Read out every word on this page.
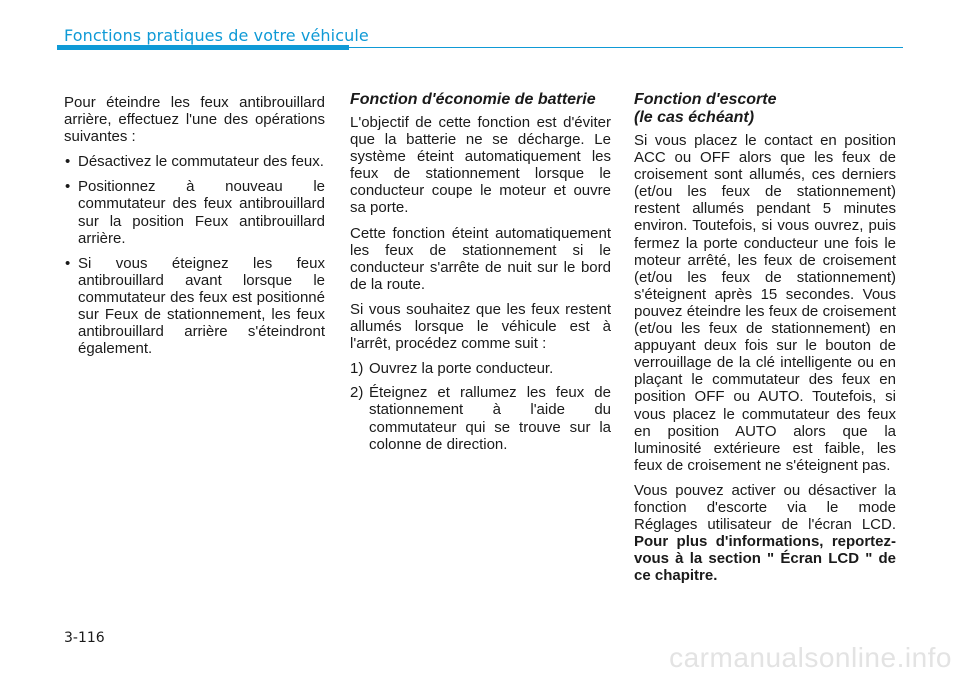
Fonctions pratiques de votre véhicule

Pour éteindre les feux antibrouillard arrière, effectuez l'une des opérations suivantes :

• Désactivez le commutateur des feux.
• Positionnez à nouveau le commutateur des feux antibrouillard sur la position Feux antibrouillard arrière.
• Si vous éteignez les feux antibrouillard avant lorsque le commutateur des feux est positionné sur Feux de stationnement, les feux antibrouillard arrière s'éteindront également.
Fonction d'économie de batterie

L'objectif de cette fonction est d'éviter que la batterie ne se décharge. Le système éteint automatiquement les feux de stationnement lorsque le conducteur coupe le moteur et ouvre sa porte.

Cette fonction éteint automatiquement les feux de stationnement si le conducteur s'arrête de nuit sur le bord de la route.

Si vous souhaitez que les feux restent allumés lorsque le véhicule est à l'arrêt, procédez comme suit :

1) Ouvrez la porte conducteur.
2) Éteignez et rallumez les feux de stationnement à l'aide du commutateur qui se trouve sur la colonne de direction.
Fonction d'escorte
(le cas échéant)

Si vous placez le contact en position ACC ou OFF alors que les feux de croisement sont allumés, ces derniers (et/ou les feux de stationnement) restent allumés pendant 5 minutes environ. Toutefois, si vous ouvrez, puis fermez la porte conducteur une fois le moteur arrêté, les feux de croisement (et/ou les feux de stationnement) s'éteignent après 15 secondes. Vous pouvez éteindre les feux de croisement (et/ou les feux de stationnement) en appuyant deux fois sur le bouton de verrouillage de la clé intelligente ou en plaçant le commutateur des feux en position OFF ou AUTO. Toutefois, si vous placez le commutateur des feux en position AUTO alors que la luminosité extérieure est faible, les feux de croisement ne s'éteignent pas.

Vous pouvez activer ou désactiver la fonction d'escorte via le mode Réglages utilisateur de l'écran LCD. Pour plus d'informations, reportez-vous à la section " Écran LCD " de ce chapitre.

3-116
carmanualsonline.info
